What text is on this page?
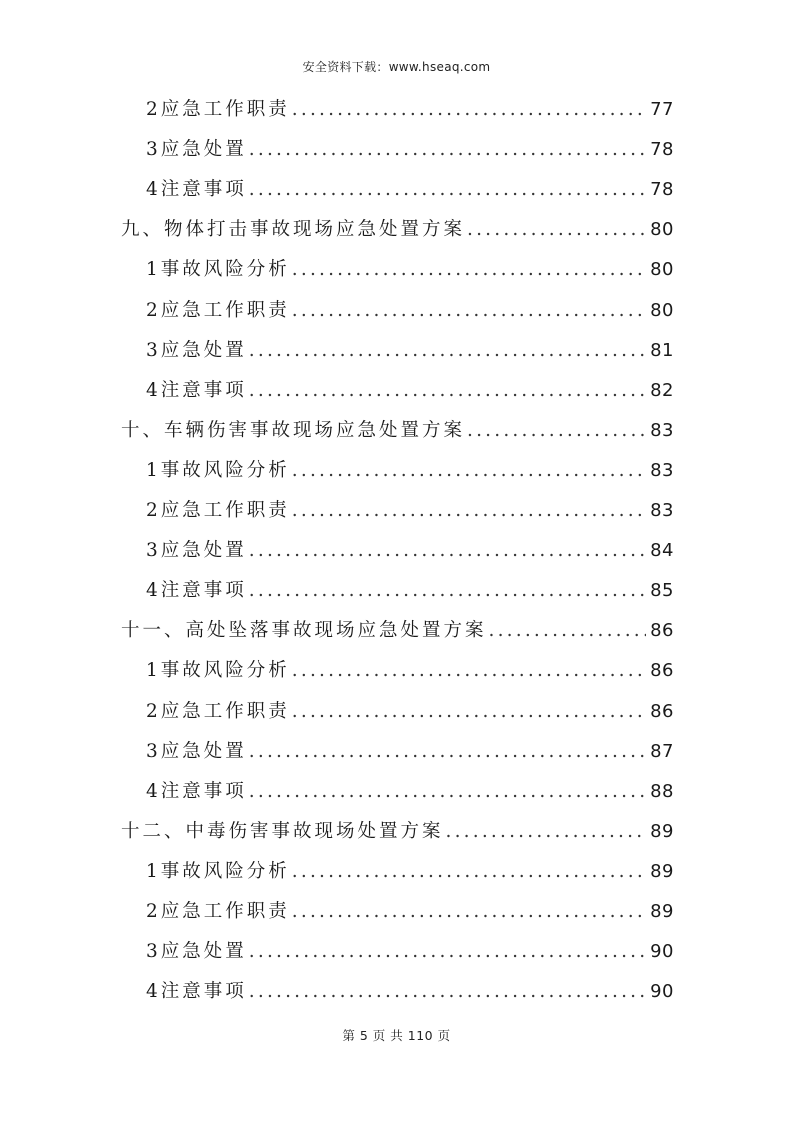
安全资料下载：www.hseaq.com
2应急工作职责 .....	77
3应急处置 .....	78
4注意事项 .....	78
九、物体打击事故现场应急处置方案 .....	80
1事故风险分析 .....	80
2应急工作职责 .....	80
3应急处置 .....	81
4注意事项 .....	82
十、车辆伤害事故现场应急处置方案 .....	83
1事故风险分析 .....	83
2应急工作职责 .....	83
3应急处置 .....	84
4注意事项 .....	85
十一、高处坠落事故现场应急处置方案 .....	86
1事故风险分析 .....	86
2应急工作职责 .....	86
3应急处置 .....	87
4注意事项 .....	88
十二、中毒伤害事故现场处置方案 .....	89
1事故风险分析 .....	89
2应急工作职责 .....	89
3应急处置 .....	90
4注意事项 .....	90
第 5 页 共 110 页
